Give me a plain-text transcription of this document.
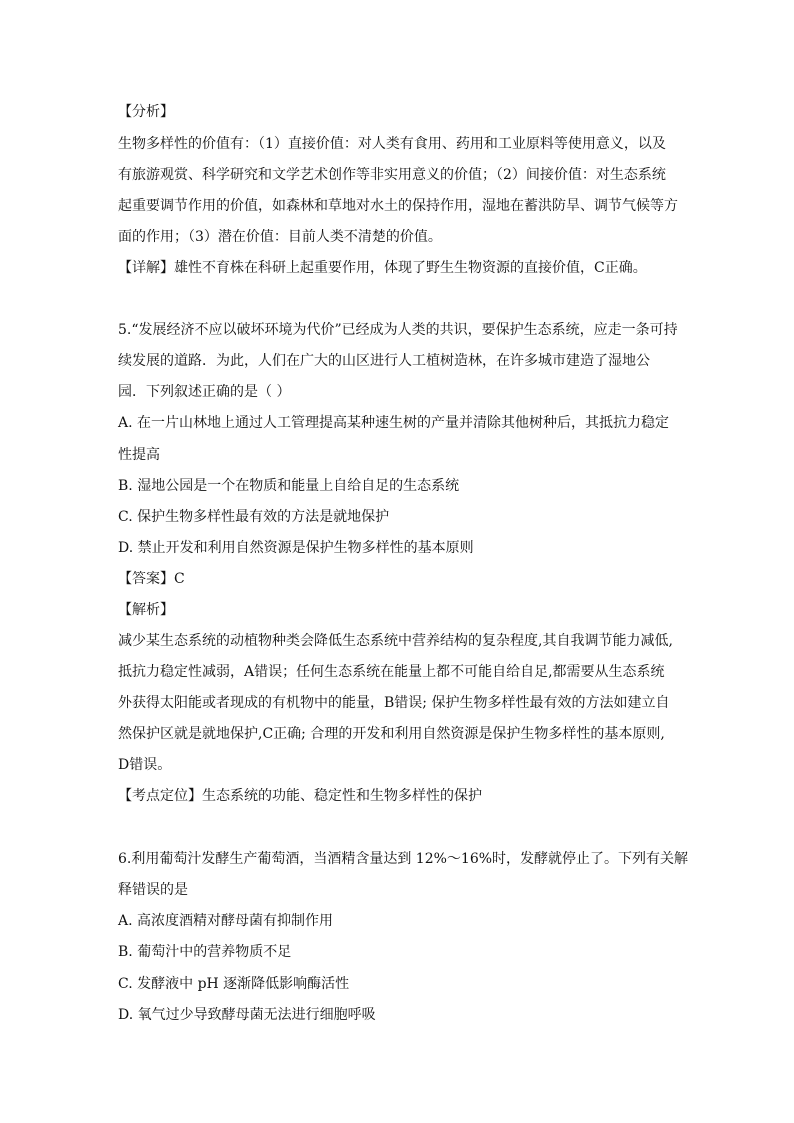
【分析】
生物多样性的价值有：（1）直接价值：对人类有食用、药用和工业原料等使用意义，以及
有旅游观赏、科学研究和文学艺术创作等非实用意义的价值；（2）间接价值：对生态系统
起重要调节作用的价值，如森林和草地对水土的保持作用，湿地在蓄洪防旱、调节气候等方
面的作用；（3）潜在价值：目前人类不清楚的价值。
【详解】雄性不育株在科研上起重要作用，体现了野生生物资源的直接价值，C正确。
5.“发展经济不应以破坏环境为代价”已经成为人类的共识，要保护生态系统，应走一条可持
续发展的道路．为此，人们在广大的山区进行人工植树造林，在许多城市建造了湿地公
园．下列叙述正确的是（ ）
A. 在一片山林地上通过人工管理提高某种速生树的产量并清除其他树种后，其抵抗力稳定
性提高
B. 湿地公园是一个在物质和能量上自给自足的生态系统
C. 保护生物多样性最有效的方法是就地保护
D. 禁止开发和利用自然资源是保护生物多样性的基本原则
【答案】C
【解析】
减少某生态系统的动植物种类会降低生态系统中营养结构的复杂程度,其自我调节能力减低,
抵抗力稳定性减弱，A错误；任何生态系统在能量上都不可能自给自足,都需要从生态系统
外获得太阳能或者现成的有机物中的能量，B错误; 保护生物多样性最有效的方法如建立自
然保护区就是就地保护,C正确; 合理的开发和利用自然资源是保护生物多样性的基本原则,
D错误。
【考点定位】生态系统的功能、稳定性和生物多样性的保护
6.利用葡萄汁发酵生产葡萄酒，当酒精含量达到 12%～16%时，发酵就停止了。下列有关解
释错误的是
A. 高浓度酒精对酵母菌有抑制作用
B. 葡萄汁中的营养物质不足
C. 发酵液中 pH 逐渐降低影响酶活性
D. 氧气过少导致酵母菌无法进行细胞呼吸
